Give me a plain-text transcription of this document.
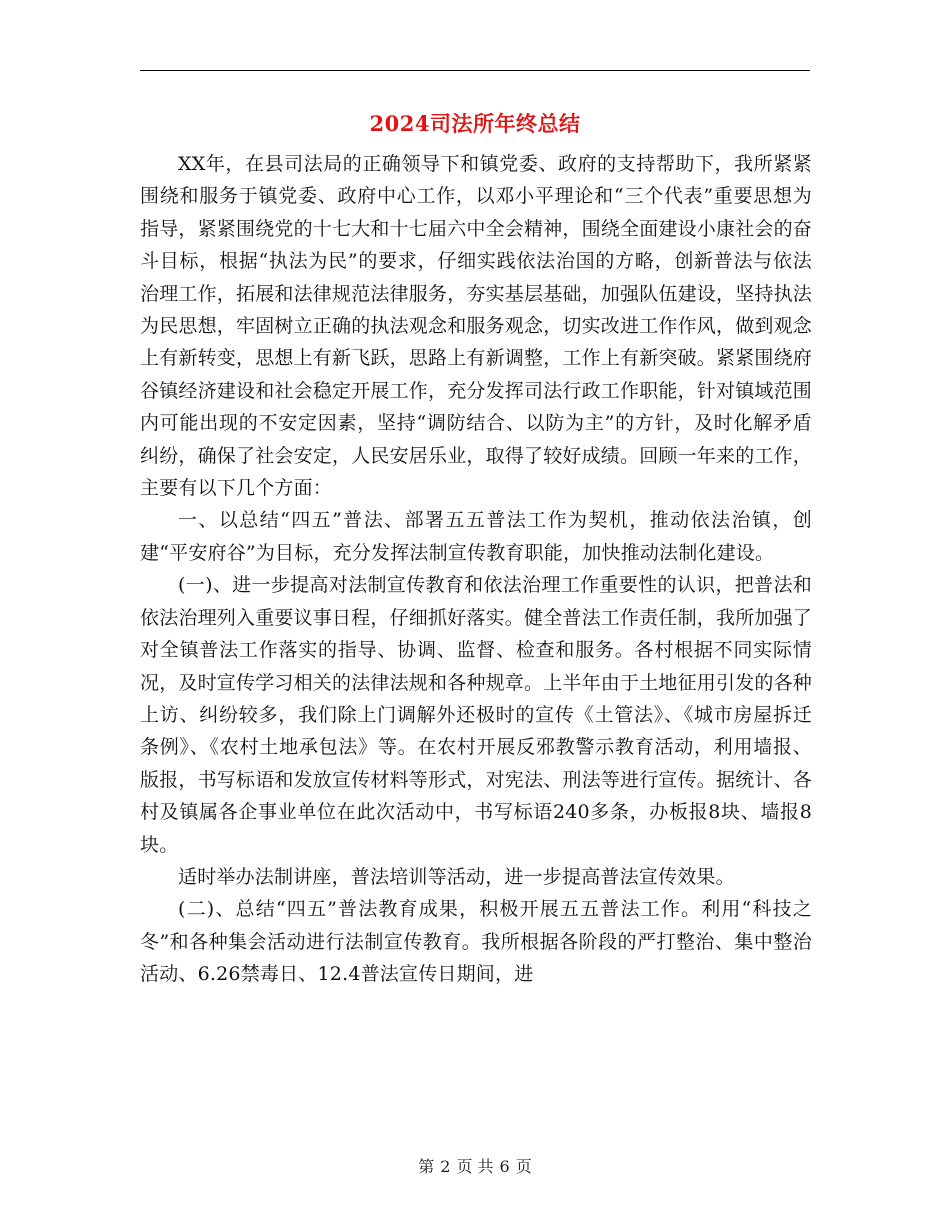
2024司法所年终总结

XX年，在县司法局的正确领导下和镇党委、政府的支持帮助下，我所紧紧围绕和服务于镇党委、政府中心工作，以邓小平理论和“三个代表”重要思想为指导，紧紧围绕党的十七大和十七届六中全会精神，围绕全面建设小康社会的奋斗目标，根据“执法为民”的要求，仔细实践依法治国的方略，创新普法与依法治理工作，拓展和法律规范法律服务，夯实基层基础，加强队伍建设，坚持执法为民思想，牢固树立正确的执法观念和服务观念，切实改进工作作风，做到观念上有新转变，思想上有新飞跃，思路上有新调整，工作上有新突破。紧紧围绕府谷镇经济建设和社会稳定开展工作，充分发挥司法行政工作职能，针对镇域范围内可能出现的不安定因素，坚持“调防结合、以防为主”的方针，及时化解矛盾纠纷，确保了社会安定，人民安居乐业，取得了较好成绩。回顾一年来的工作，主要有以下几个方面：

一、以总结“四五”普法、部署五五普法工作为契机，推动依法治镇，创建“平安府谷”为目标，充分发挥法制宣传教育职能，加快推动法制化建设。

(一)、进一步提高对法制宣传教育和依法治理工作重要性的认识，把普法和依法治理列入重要议事日程，仔细抓好落实。健全普法工作责任制，我所加强了对全镇普法工作落实的指导、协调、监督、检查和服务。各村根据不同实际情况，及时宣传学习相关的法律法规和各种规章。上半年由于土地征用引发的各种上访、纠纷较多，我们除上门调解外还极时的宣传《土管法》、《城市房屋拆迁条例》、《农村土地承包法》等。在农村开展反邪教警示教育活动，利用墙报、版报，书写标语和发放宣传材料等形式，对宪法、刑法等进行宣传。据统计、各村及镇属各企事业单位在此次活动中，书写标语240多条，办板报8块、墙报8块。

适时举办法制讲座，普法培训等活动，进一步提高普法宣传效果。

(二)、总结“四五”普法教育成果，积极开展五五普法工作。利用“科技之冬”和各种集会活动进行法制宣传教育。我所根据各阶段的严打整治、集中整治活动、6.26禁毒日、12.4普法宣传日期间，进

第 2 页 共 6 页
